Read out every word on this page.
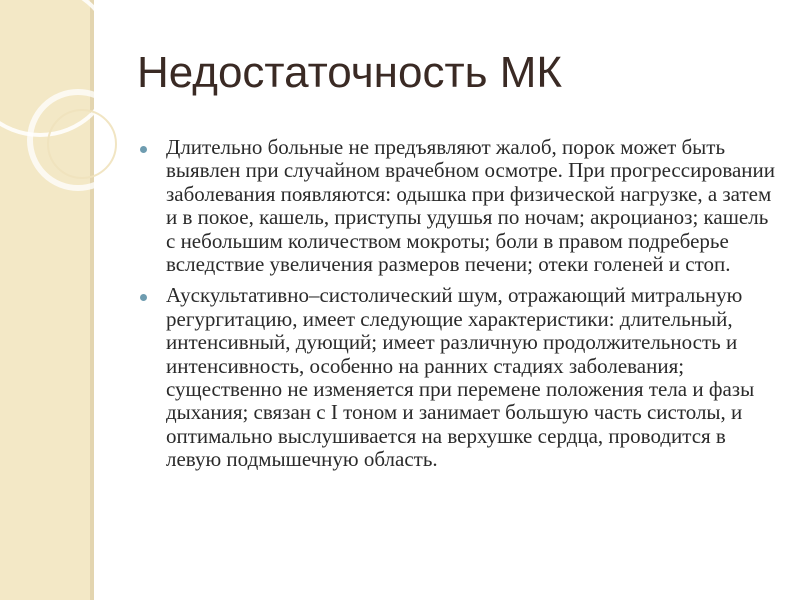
Недостаточность МК
Длительно больные не предъявляют жалоб, порок может быть выявлен при случайном врачебном осмотре. При прогрессировании заболевания появляются: одышка при физической нагрузке, а затем и в покое, кашель, приступы удушья по ночам; акроцианоз; кашель с небольшим количеством мокроты; боли в правом подреберье вследствие увеличения размеров печени; отеки голеней и стоп.
Аускультативно–систолический шум, отражающий митральную регургитацию, имеет следующие характеристики: длительный, интенсивный, дующий; имеет различную продолжительность и интенсивность, особенно на ранних стадиях заболевания; существенно не изменяется при перемене положения тела и фазы дыхания; связан с I тоном и занимает большую часть систолы, и оптимально выслушивается на верхушке сердца, проводится в левую подмышечную область.
